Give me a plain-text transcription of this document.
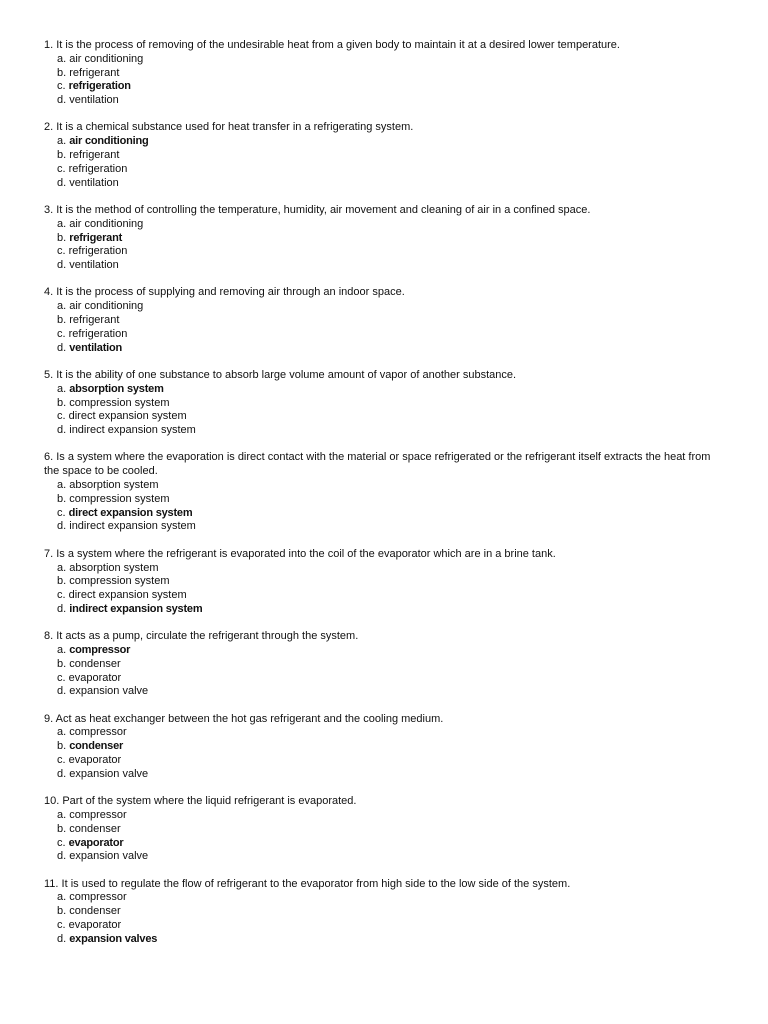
1. It is the process of removing of the undesirable heat from a given body to maintain it at a desired lower temperature.

a. air conditioning
b. refrigerant
c. refrigeration
d. ventilation

2. It is a chemical substance used for heat transfer in a refrigerating system.

a. air conditioning
b. refrigerant
c. refrigeration
d. ventilation

3. It is the method of controlling the temperature, humidity, air movement and cleaning of air in a confined space.

a. air conditioning
b. refrigerant
c. refrigeration
d. ventilation

4. It is the process of supplying and removing air through an indoor space.

a. air conditioning
b. refrigerant
c. refrigeration
d. ventilation

5. It is the ability of one substance to absorb large volume amount of vapor of another substance.

a. absorption system
b. compression system
c. direct expansion system
d. indirect expansion system

6. Is a system where the evaporation is direct contact with the material or space refrigerated or the refrigerant itself extracts the heat from the space to be cooled.

a. absorption system
b. compression system
c. direct expansion system
d. indirect expansion system

7. Is a system where the refrigerant is evaporated into the coil of the evaporator which are in a brine tank.

a. absorption system
b. compression system
c. direct expansion system
d. indirect expansion system

8. It acts as a pump, circulate the refrigerant through the system.

a. compressor
b. condenser
c. evaporator
d. expansion valve

9. Act as heat exchanger between the hot gas refrigerant and the cooling medium.

a. compressor
b. condenser
c. evaporator
d. expansion valve

10. Part of the system where the liquid refrigerant is evaporated.

a. compressor
b. condenser
c. evaporator
d. expansion valve

11. It is used to regulate the flow of refrigerant to the evaporator from high side to the low side of the system.

a. compressor
b. condenser
c. evaporator
d. expansion valves
